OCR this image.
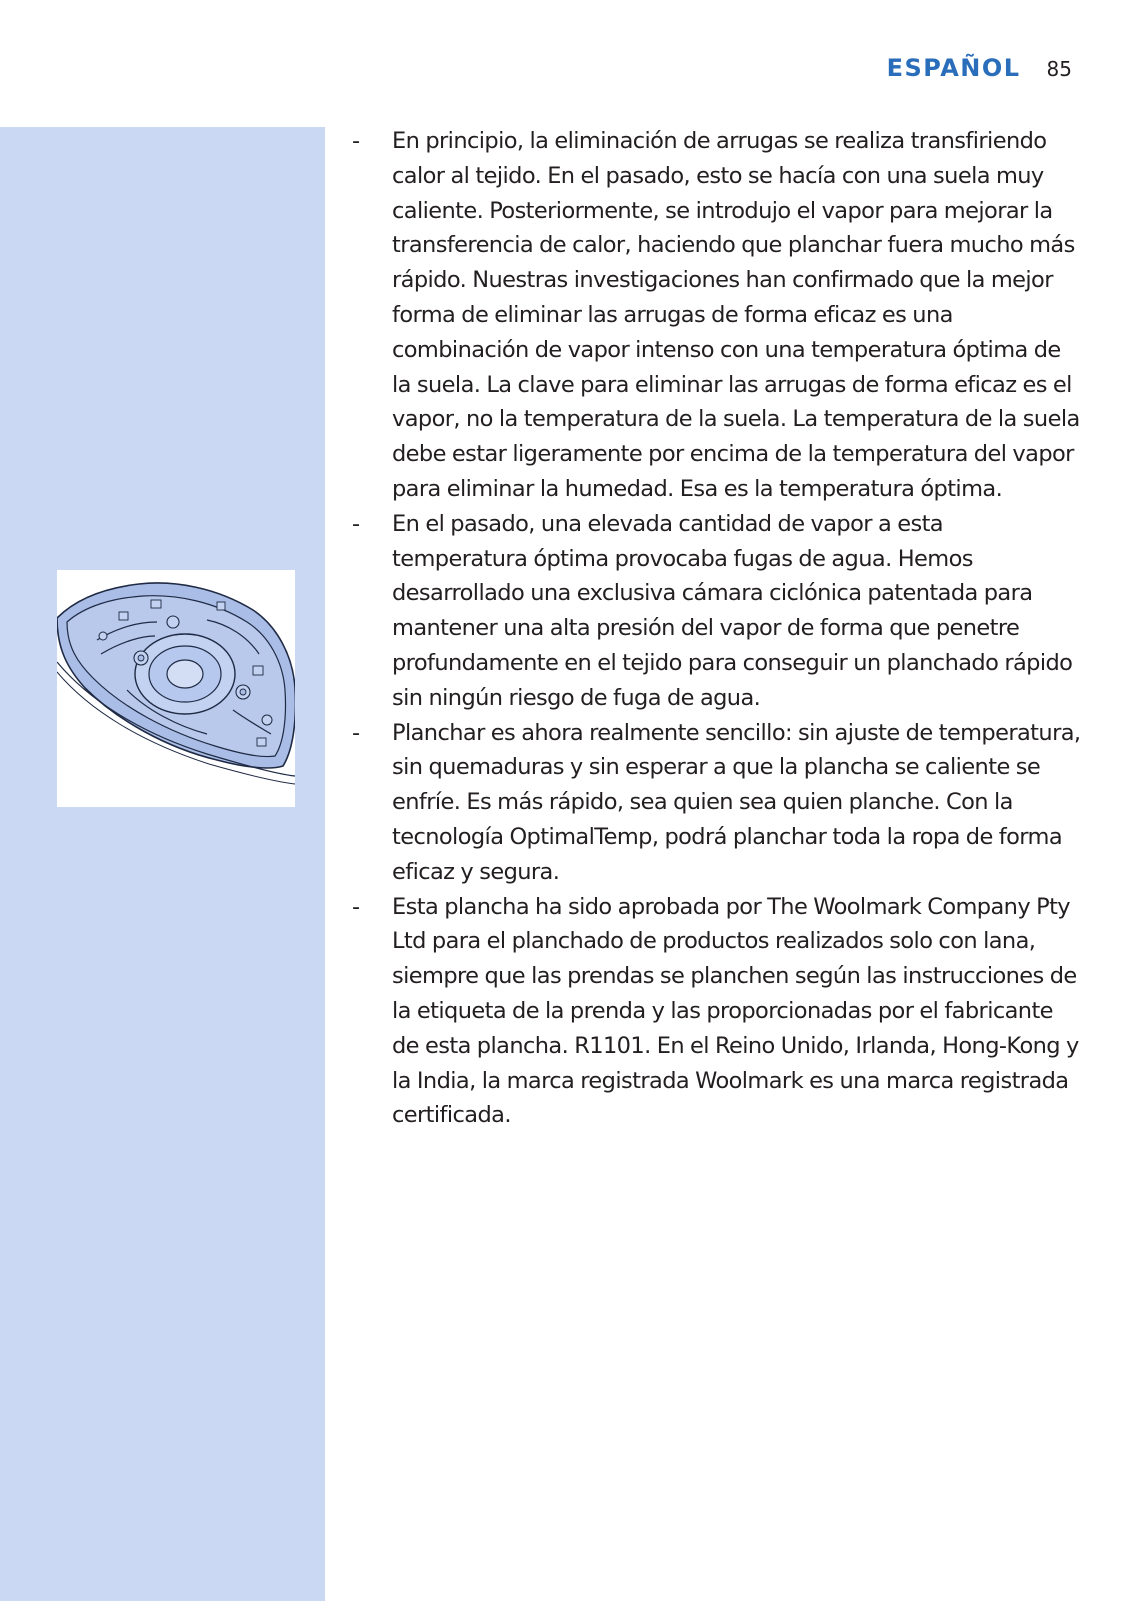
ESPAÑOL 85
- En principio, la eliminación de arrugas se realiza transfiriendo calor al tejido. En el pasado, esto se hacía con una suela muy caliente. Posteriormente, se introdujo el vapor para mejorar la transferencia de calor, haciendo que planchar fuera mucho más rápido. Nuestras investigaciones han confirmado que la mejor forma de eliminar las arrugas de forma eficaz es una combinación de vapor intenso con una temperatura óptima de la suela. La clave para eliminar las arrugas de forma eficaz es el vapor, no la temperatura de la suela. La temperatura de la suela debe estar ligeramente por encima de la temperatura del vapor para eliminar la humedad. Esa es la temperatura óptima.
- En el pasado, una elevada cantidad de vapor a esta temperatura óptima provocaba fugas de agua. Hemos desarrollado una exclusiva cámara ciclónica patentada para mantener una alta presión del vapor de forma que penetre profundamente en el tejido para conseguir un planchado rápido sin ningún riesgo de fuga de agua.
- Planchar es ahora realmente sencillo: sin ajuste de temperatura, sin quemaduras y sin esperar a que la plancha se caliente se enfríe. Es más rápido, sea quien sea quien planche. Con la tecnología OptimalTemp, podrá planchar toda la ropa de forma eficaz y segura.
- Esta plancha ha sido aprobada por The Woolmark Company Pty Ltd para el planchado de productos realizados solo con lana, siempre que las prendas se planchen según las instrucciones de la etiqueta de la prenda y las proporcionadas por el fabricante de esta plancha. R1101. En el Reino Unido, Irlanda, Hong-Kong y la India, la marca registrada Woolmark es una marca registrada certificada.
